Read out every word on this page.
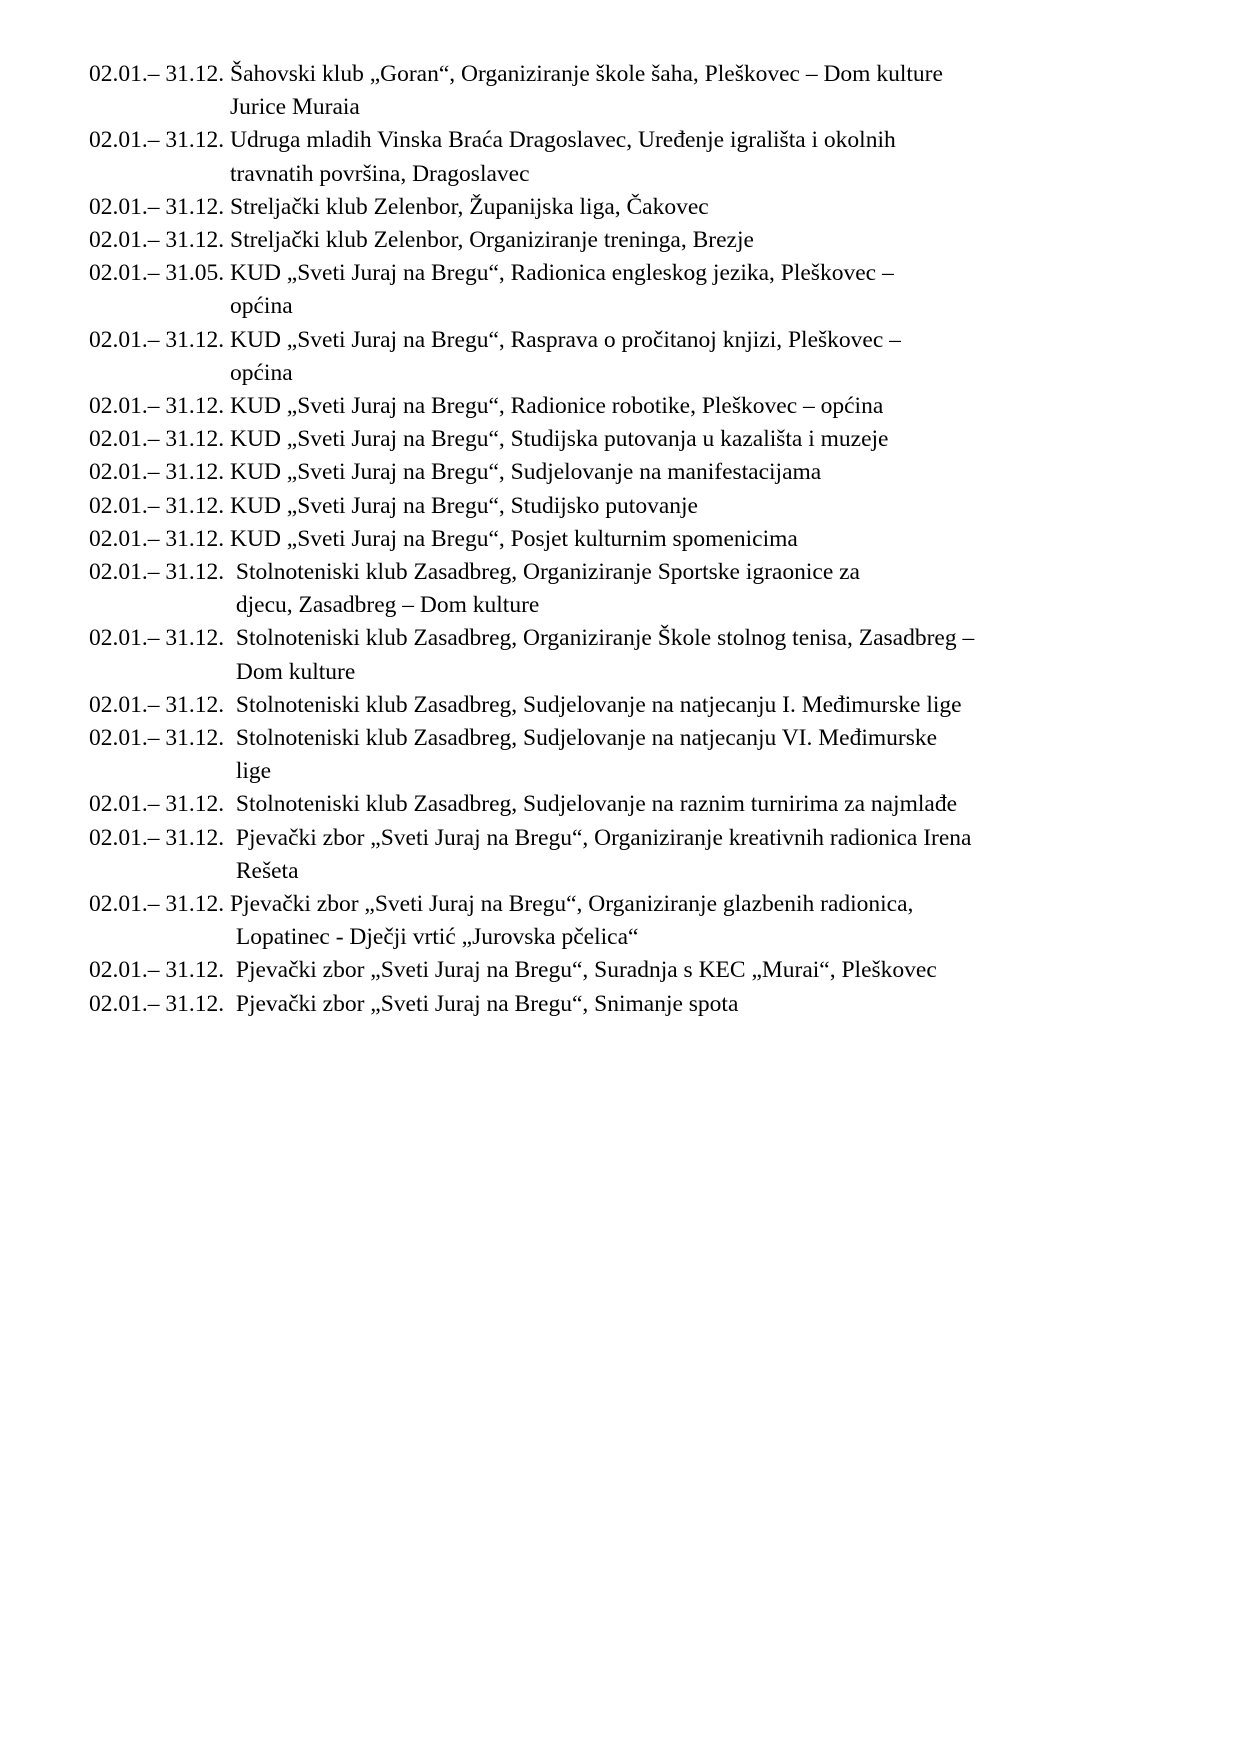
02.01.– 31.12. Šahovski klub „Goran“, Organiziranje škole šaha, Pleškovec – Dom kulture
Jurice Muraia
02.01.– 31.12. Udruga mladih Vinska Braća Dragoslavec, Uređenje igrališta i okolnih
travnatih površina, Dragoslavec
02.01.– 31.12. Streljački klub Zelenbor, Županijska liga, Čakovec
02.01.– 31.12. Streljački klub Zelenbor, Organiziranje treninga, Brezje
02.01.– 31.05. KUD „Sveti Juraj na Bregu“, Radionica engleskog jezika, Pleškovec –
općina
02.01.– 31.12. KUD „Sveti Juraj na Bregu“, Rasprava o pročitanoj knjizi, Pleškovec –
općina
02.01.– 31.12. KUD „Sveti Juraj na Bregu“, Radionice robotike, Pleškovec – općina
02.01.– 31.12. KUD „Sveti Juraj na Bregu“, Studijska putovanja u kazališta i muzeje
02.01.– 31.12. KUD „Sveti Juraj na Bregu“, Sudjelovanje na manifestacijama
02.01.– 31.12. KUD „Sveti Juraj na Bregu“, Studijsko putovanje
02.01.– 31.12. KUD „Sveti Juraj na Bregu“, Posjet kulturnim spomenicima
02.01.– 31.12. Stolnoteniski klub Zasadbreg, Organiziranje Sportske igraonice za
djecu, Zasadbreg – Dom kulture
02.01.– 31.12. Stolnoteniski klub Zasadbreg, Organiziranje Škole stolnog tenisa, Zasadbreg –
Dom kulture
02.01.– 31.12. Stolnoteniski klub Zasadbreg, Sudjelovanje na natjecanju I. Međimurske lige
02.01.– 31.12. Stolnoteniski klub Zasadbreg, Sudjelovanje na natjecanju VI. Međimurske
lige
02.01.– 31.12. Stolnoteniski klub Zasadbreg, Sudjelovanje na raznim turnirima za najmlađe
02.01.– 31.12. Pjevački zbor „Sveti Juraj na Bregu“, Organiziranje kreativnih radionica Irena
Rešeta
02.01.– 31.12. Pjevački zbor „Sveti Juraj na Bregu“, Organiziranje glazbenih radionica,
Lopatinec - Dječji vrtić „Jurovska pčelica“
02.01.– 31.12. Pjevački zbor „Sveti Juraj na Bregu“, Suradnja s KEC „Murai“, Pleškovec
02.01.– 31.12. Pjevački zbor „Sveti Juraj na Bregu“, Snimanje spota
